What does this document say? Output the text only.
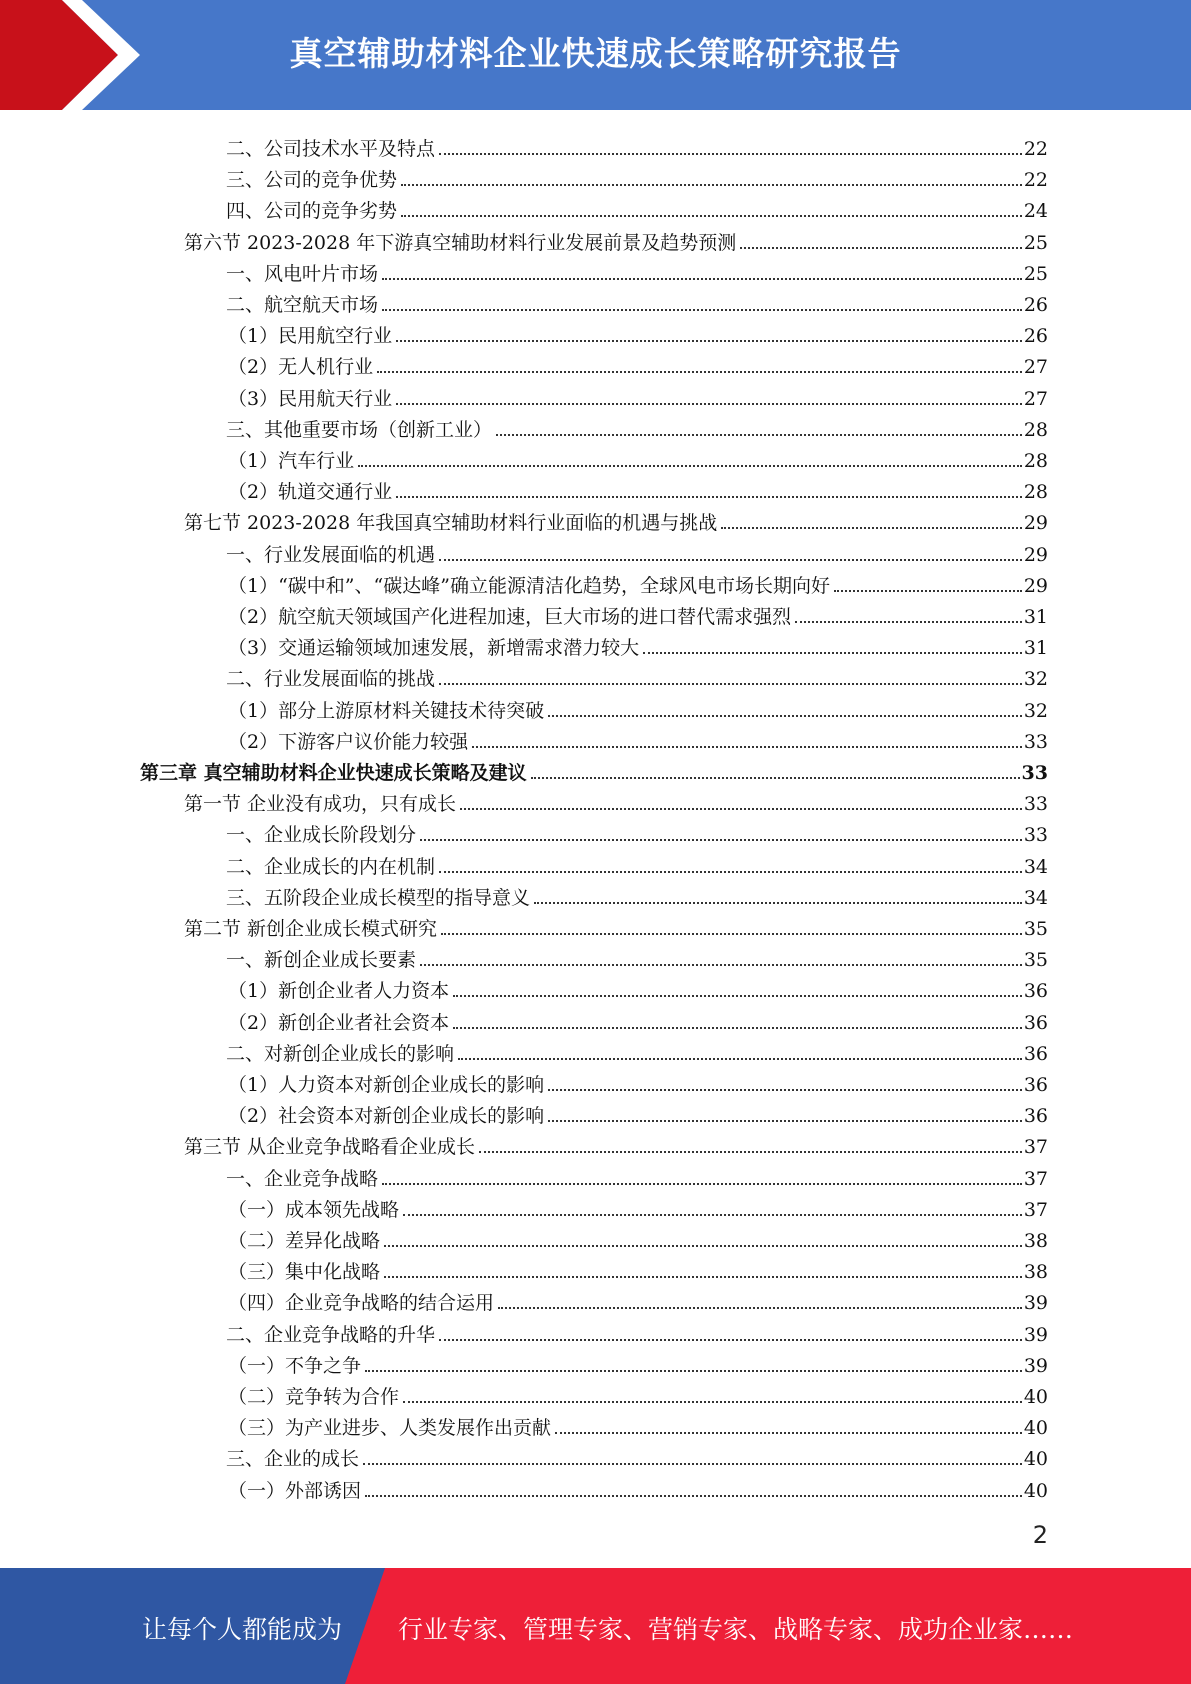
真空辅助材料企业快速成长策略研究报告
二、公司技术水平及特点	22
三、公司的竞争优势	22
四、公司的竞争劣势	24
第六节 2023-2028 年下游真空辅助材料行业发展前景及趋势预测	25
一、风电叶片市场	25
二、航空航天市场	26
（1）民用航空行业	26
（2）无人机行业	27
（3）民用航天行业	27
三、其他重要市场（创新工业）	28
（1）汽车行业	28
（2）轨道交通行业	28
第七节 2023-2028 年我国真空辅助材料行业面临的机遇与挑战	29
一、行业发展面临的机遇	29
（1）“碳中和”、“碳达峰”确立能源清洁化趋势，全球风电市场长期向好	29
（2）航空航天领域国产化进程加速，巨大市场的进口替代需求强烈	31
（3）交通运输领域加速发展，新增需求潜力较大	31
二、行业发展面临的挑战	32
（1）部分上游原材料关键技术待突破	32
（2）下游客户议价能力较强	33
第三章 真空辅助材料企业快速成长策略及建议	33
第一节 企业没有成功，只有成长	33
一、企业成长阶段划分	33
二、企业成长的内在机制	34
三、五阶段企业成长模型的指导意义	34
第二节 新创企业成长模式研究	35
一、新创企业成长要素	35
（1）新创企业者人力资本	36
（2）新创企业者社会资本	36
二、对新创企业成长的影响	36
（1）人力资本对新创企业成长的影响	36
（2）社会资本对新创企业成长的影响	36
第三节 从企业竞争战略看企业成长	37
一、企业竞争战略	37
（一）成本领先战略	37
（二）差异化战略	38
（三）集中化战略	38
（四）企业竞争战略的结合运用	39
二、企业竞争战略的升华	39
（一）不争之争	39
（二）竞争转为合作	40
（三）为产业进步、人类发展作出贡献	40
三、企业的成长	40
（一）外部诱因	40
2
让每个人都能成为 行业专家、管理专家、营销专家、战略专家、成功企业家……
